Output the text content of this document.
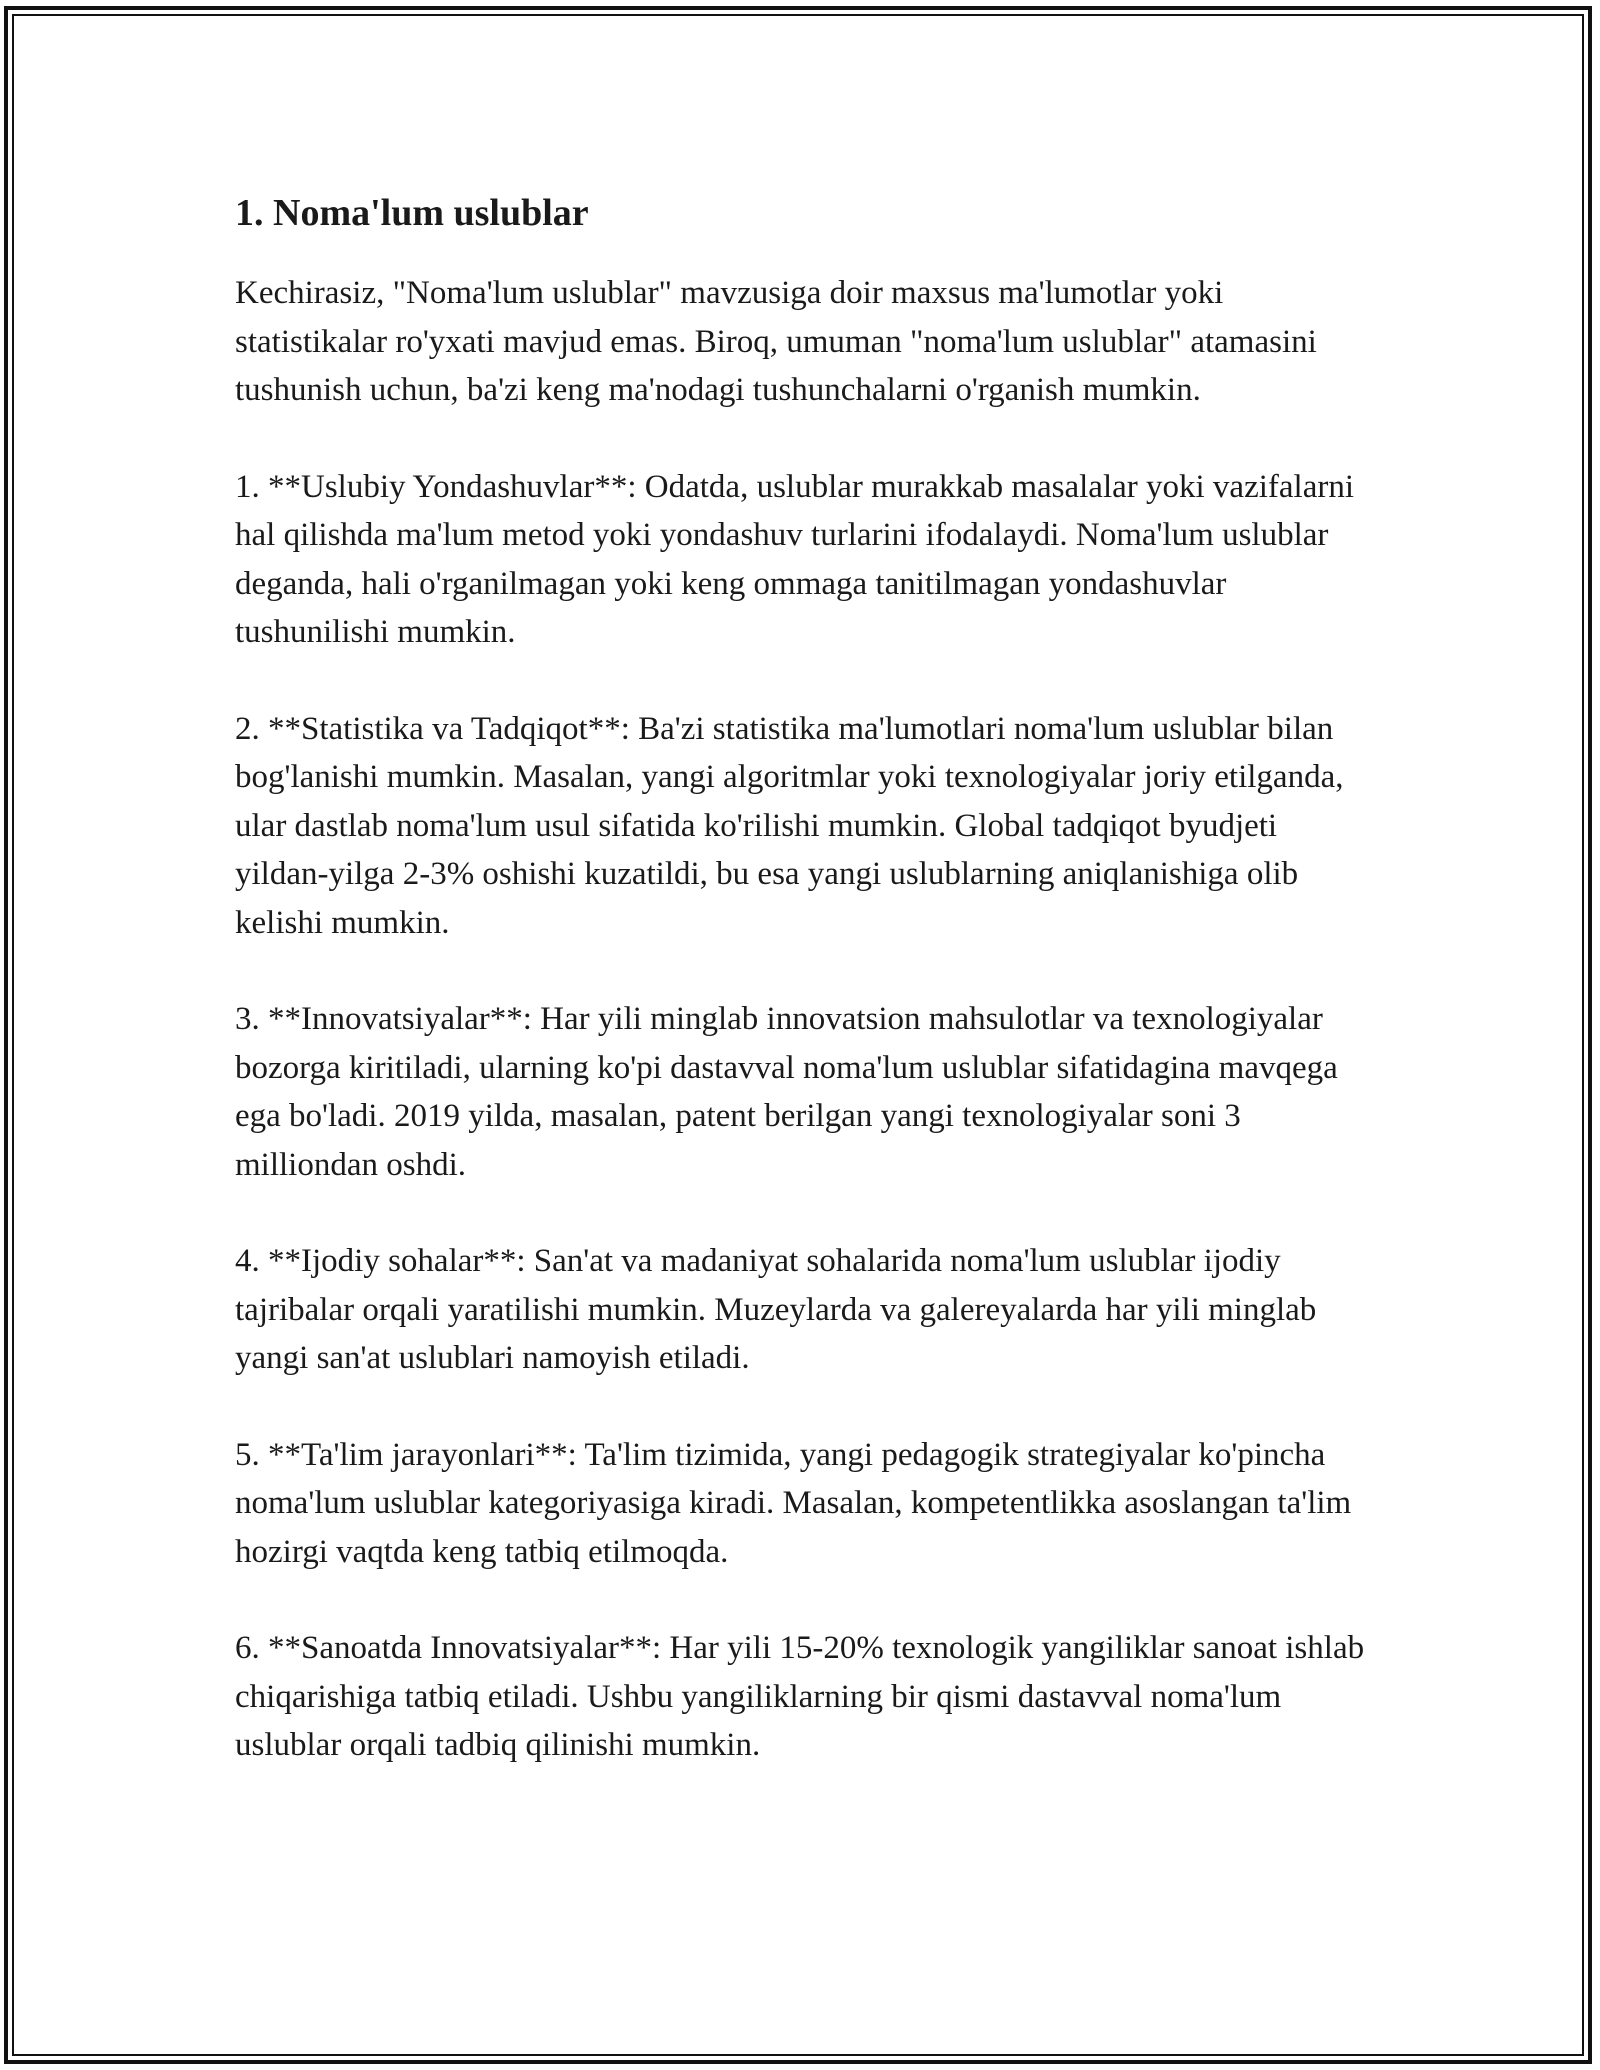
1. Noma'lum uslublar

Kechirasiz, "Noma'lum uslublar" mavzusiga doir maxsus ma'lumotlar yoki statistikalar ro'yxati mavjud emas. Biroq, umuman "noma'lum uslublar" atamasini tushunish uchun, ba'zi keng ma'nodagi tushunchalarni o'rganish mumkin.

1. **Uslubiy Yondashuvlar**: Odatda, uslublar murakkab masalalar yoki vazifalarni hal qilishda ma'lum metod yoki yondashuv turlarini ifodalaydi. Noma'lum uslublar deganda, hali o'rganilmagan yoki keng ommaga tanitilmagan yondashuvlar tushunilishi mumkin.

2. **Statistika va Tadqiqot**: Ba'zi statistika ma'lumotlari noma'lum uslublar bilan bog'lanishi mumkin. Masalan, yangi algoritmlar yoki texnologiyalar joriy etilganda, ular dastlab noma'lum usul sifatida ko'rilishi mumkin. Global tadqiqot byudjeti yildan-yilga 2-3% oshishi kuzatildi, bu esa yangi uslublarning aniqlanishiga olib kelishi mumkin.

3. **Innovatsiyalar**: Har yili minglab innovatsion mahsulotlar va texnologiyalar bozorga kiritiladi, ularning ko'pi dastavval noma'lum uslublar sifatidagina mavqega ega bo'ladi. 2019 yilda, masalan, patent berilgan yangi texnologiyalar soni 3 milliondan oshdi.

4. **Ijodiy sohalar**: San'at va madaniyat sohalarida noma'lum uslublar ijodiy tajribalar orqali yaratilishi mumkin. Muzeylarda va galereyalarda har yili minglab yangi san'at uslublari namoyish etiladi.

5. **Ta'lim jarayonlari**: Ta'lim tizimida, yangi pedagogik strategiyalar ko'pincha noma'lum uslublar kategoriyasiga kiradi. Masalan, kompetentlikka asoslangan ta'lim hozirgi vaqtda keng tatbiq etilmoqda.

6. **Sanoatda Innovatsiyalar**: Har yili 15-20% texnologik yangiliklar sanoat ishlab chiqarishiga tatbiq etiladi. Ushbu yangiliklarning bir qismi dastavval noma'lum uslublar orqali tadbiq qilinishi mumkin.
